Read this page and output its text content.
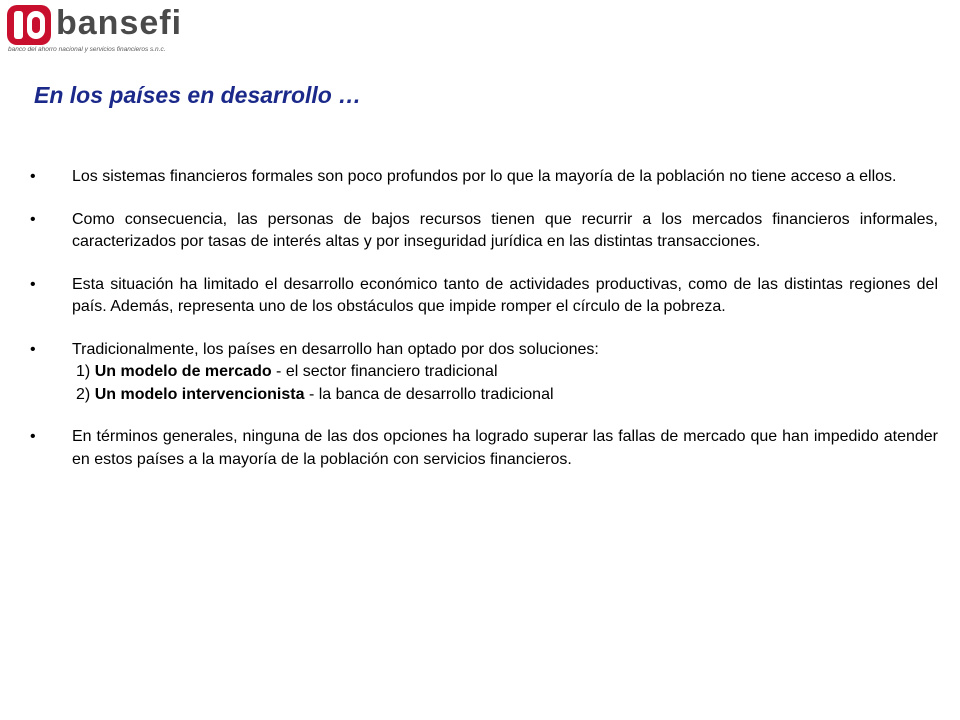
bansefi
banco del ahorro nacional y servicios financieros s.n.c.
En los países en desarrollo …
• Los sistemas financieros formales son poco profundos por lo que la mayoría de la población no tiene acceso a ellos.
• Como consecuencia, las personas de bajos recursos tienen que recurrir a los mercados financieros informales, caracterizados por tasas de interés altas y por inseguridad jurídica en las distintas transacciones.
• Esta situación ha limitado el desarrollo económico tanto de actividades productivas, como de las distintas regiones del país. Además, representa uno de los obstáculos que impide romper el círculo de la pobreza.
• Tradicionalmente, los países en desarrollo han optado por dos soluciones:
1) Un modelo de mercado - el sector financiero tradicional
2) Un modelo intervencionista - la banca de desarrollo tradicional
• En términos generales, ninguna de las dos opciones ha logrado superar las fallas de mercado que han impedido atender en estos países a la mayoría de la población con servicios financieros.
